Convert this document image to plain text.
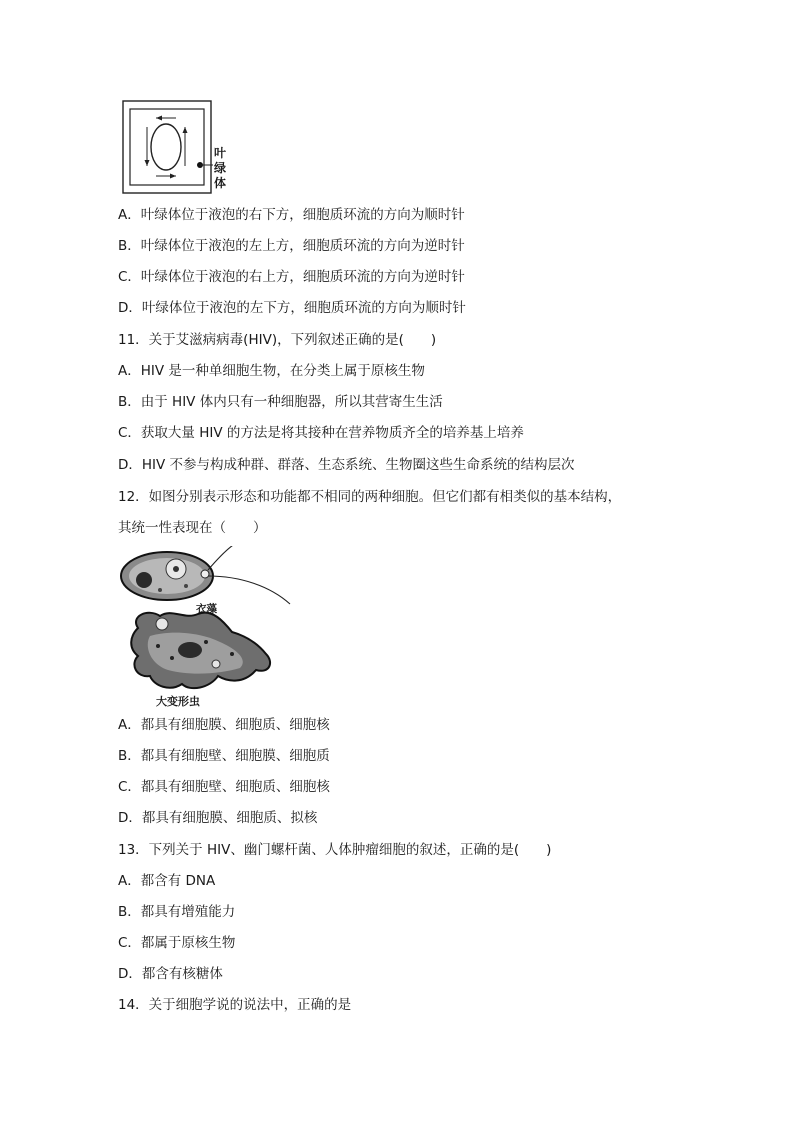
叶
绿
体
A．叶绿体位于液泡的右下方，细胞质环流的方向为顺时针
B．叶绿体位于液泡的左上方，细胞质环流的方向为逆时针
C．叶绿体位于液泡的右上方，细胞质环流的方向为逆时针
D．叶绿体位于液泡的左下方，细胞质环流的方向为顺时针
11．关于艾滋病病毒(HIV)，下列叙述正确的是(　　)
A．HIV 是一种单细胞生物，在分类上属于原核生物
B．由于 HIV 体内只有一种细胞器，所以其营寄生生活
C．获取大量 HIV 的方法是将其接种在营养物质齐全的培养基上培养
D．HIV 不参与构成种群、群落、生态系统、生物圈这些生命系统的结构层次
12．如图分别表示形态和功能都不相同的两种细胞。但它们都有相类似的基本结构，
其统一性表现在（　　）
衣藻
大变形虫
A．都具有细胞膜、细胞质、细胞核
B．都具有细胞壁、细胞膜、细胞质
C．都具有细胞壁、细胞质、细胞核
D．都具有细胞膜、细胞质、拟核
13．下列关于 HIV、幽门螺杆菌、人体肿瘤细胞的叙述，正确的是(　　)
A．都含有 DNA
B．都具有增殖能力
C．都属于原核生物
D．都含有核糖体
14．关于细胞学说的说法中，正确的是
